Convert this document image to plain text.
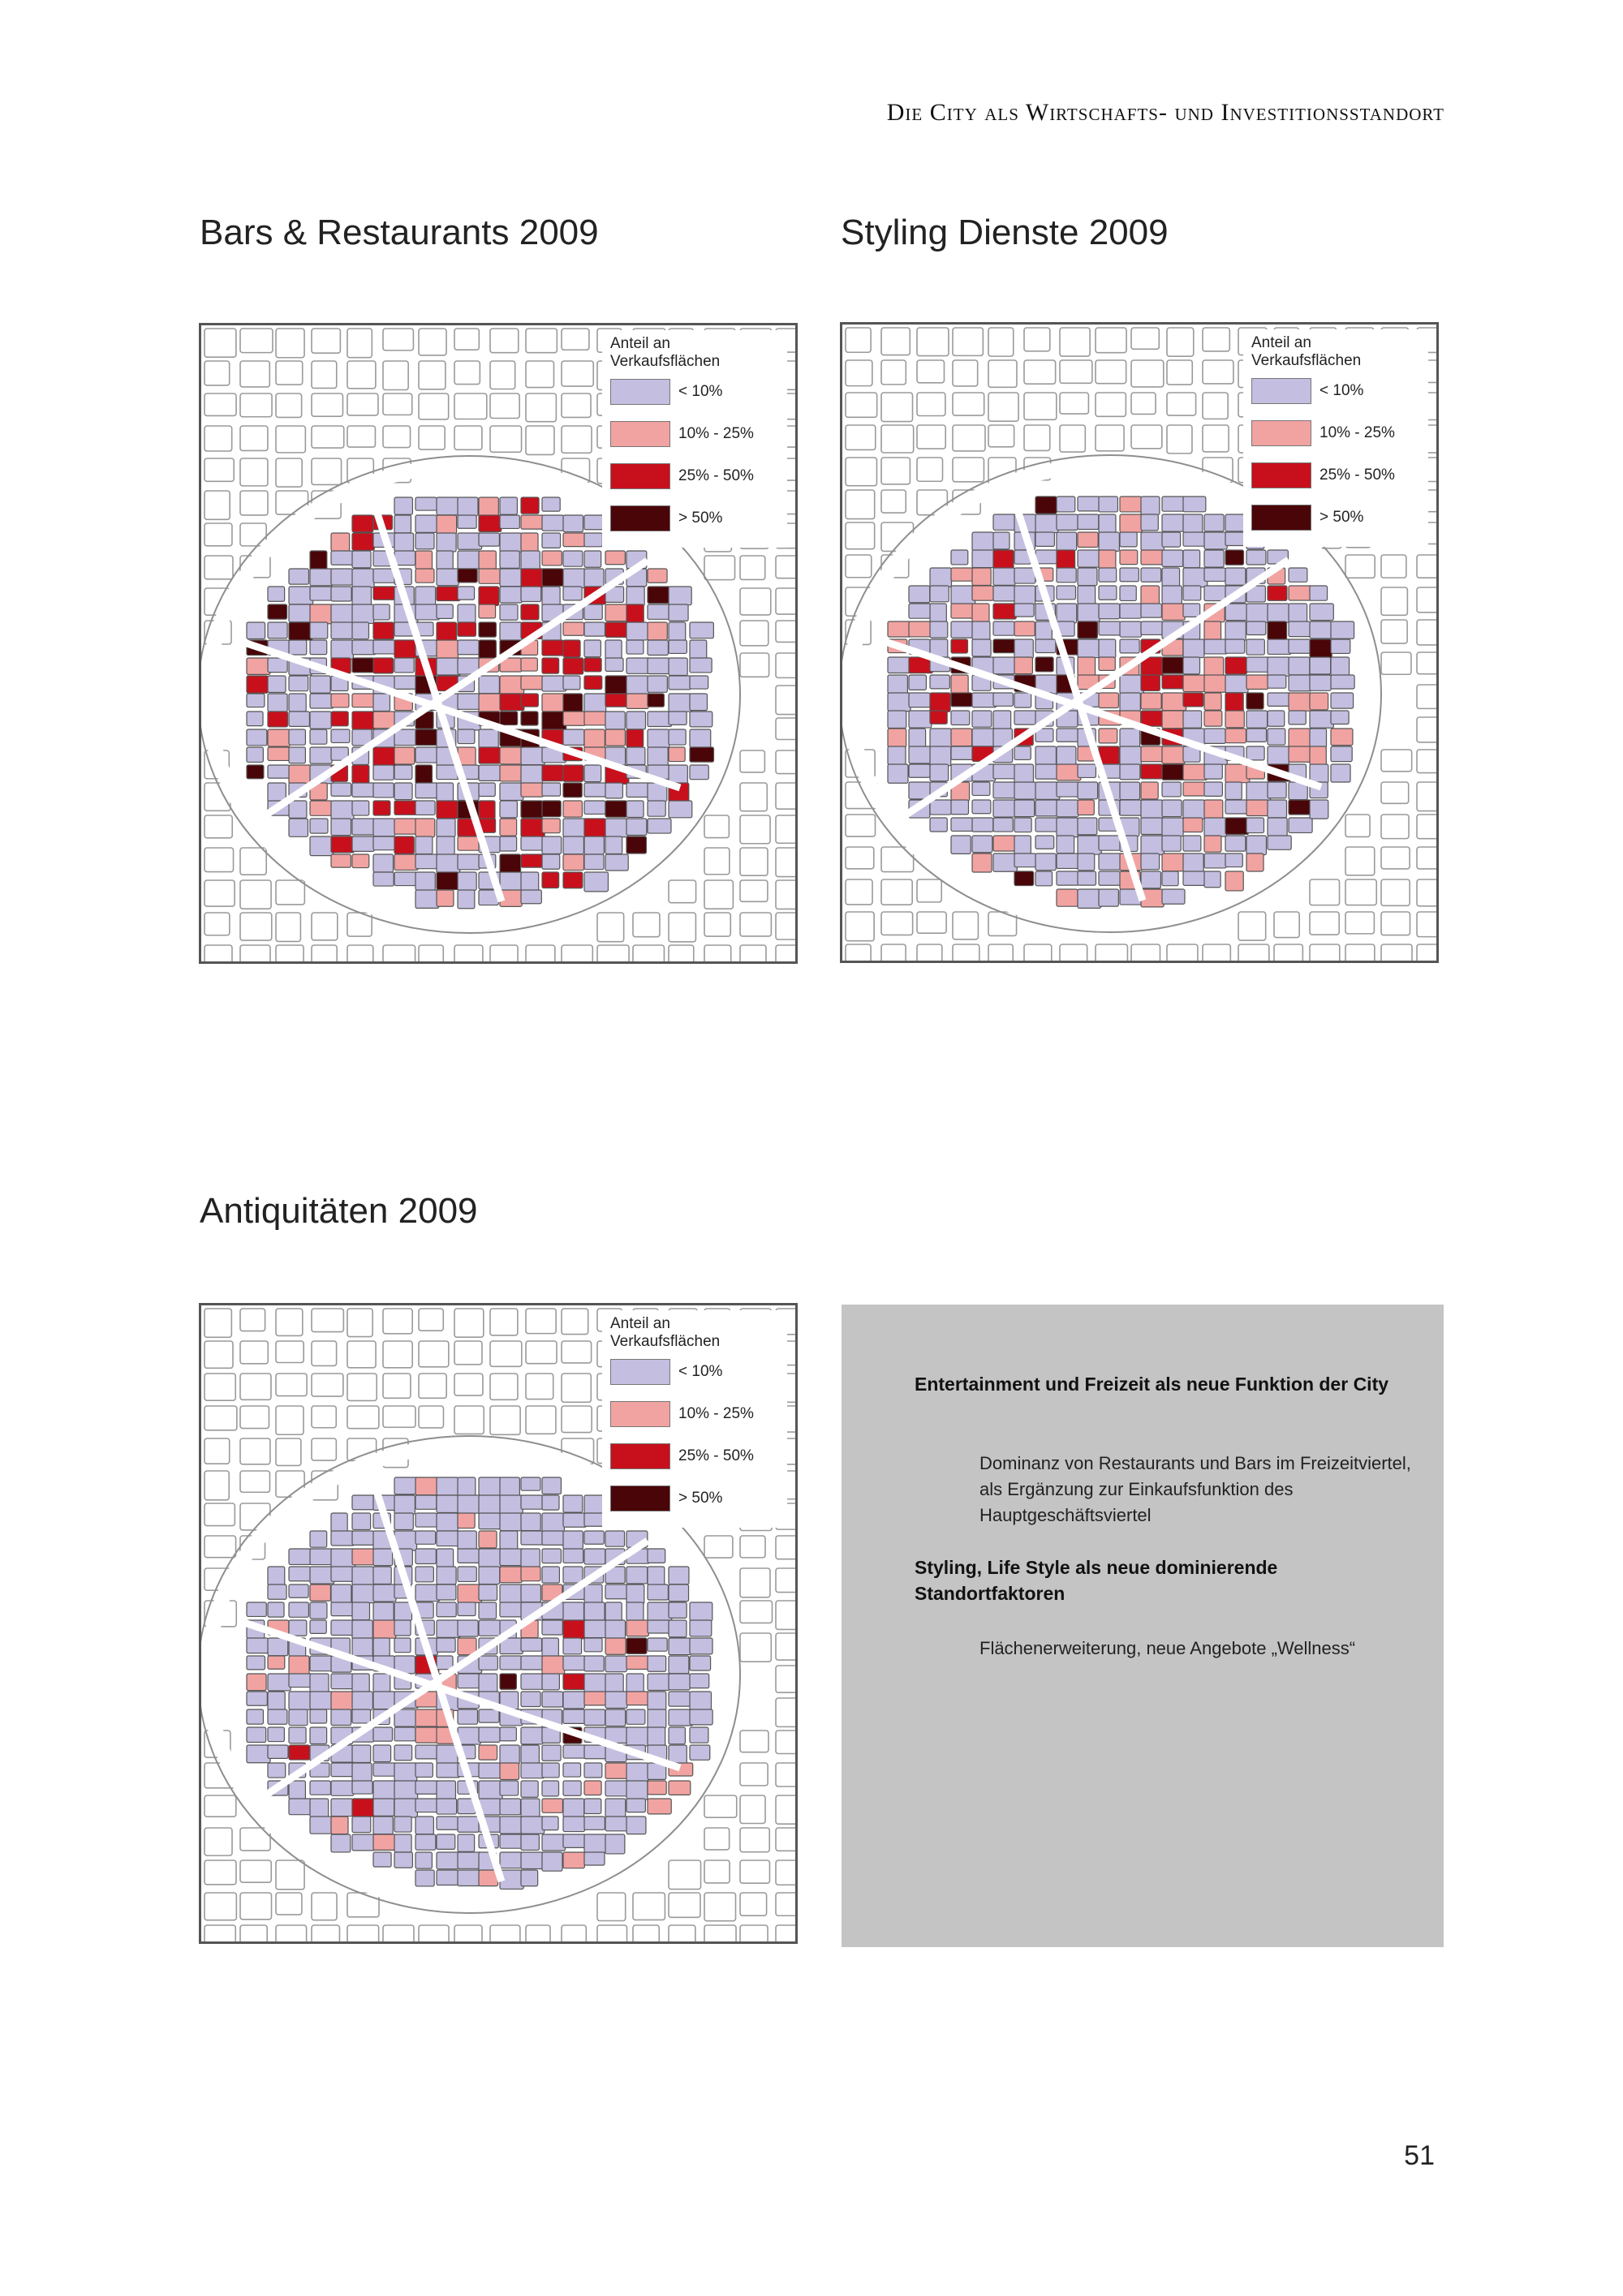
Die City als Wirtschafts- und Investitionsstandort
Bars & Restaurants 2009
Anteil an
Verkaufsflächen
< 10%
10% - 25%
25% - 50%
> 50%
Styling Dienste 2009
Anteil an
Verkaufsflächen
< 10%
10% - 25%
25% - 50%
> 50%
Antiquitäten 2009
Anteil an
Verkaufsflächen
< 10%
10% - 25%
25% - 50%
> 50%
Entertainment und Freizeit als neue Funktion der City
Dominanz von Restaurants und Bars im Freizeitviertel, als Ergänzung zur Einkaufsfunktion des Hauptgeschäftsviertel
Styling, Life Style als neue dominierende Standortfaktoren
Flächenerweiterung, neue Angebote „Wellness“
51
